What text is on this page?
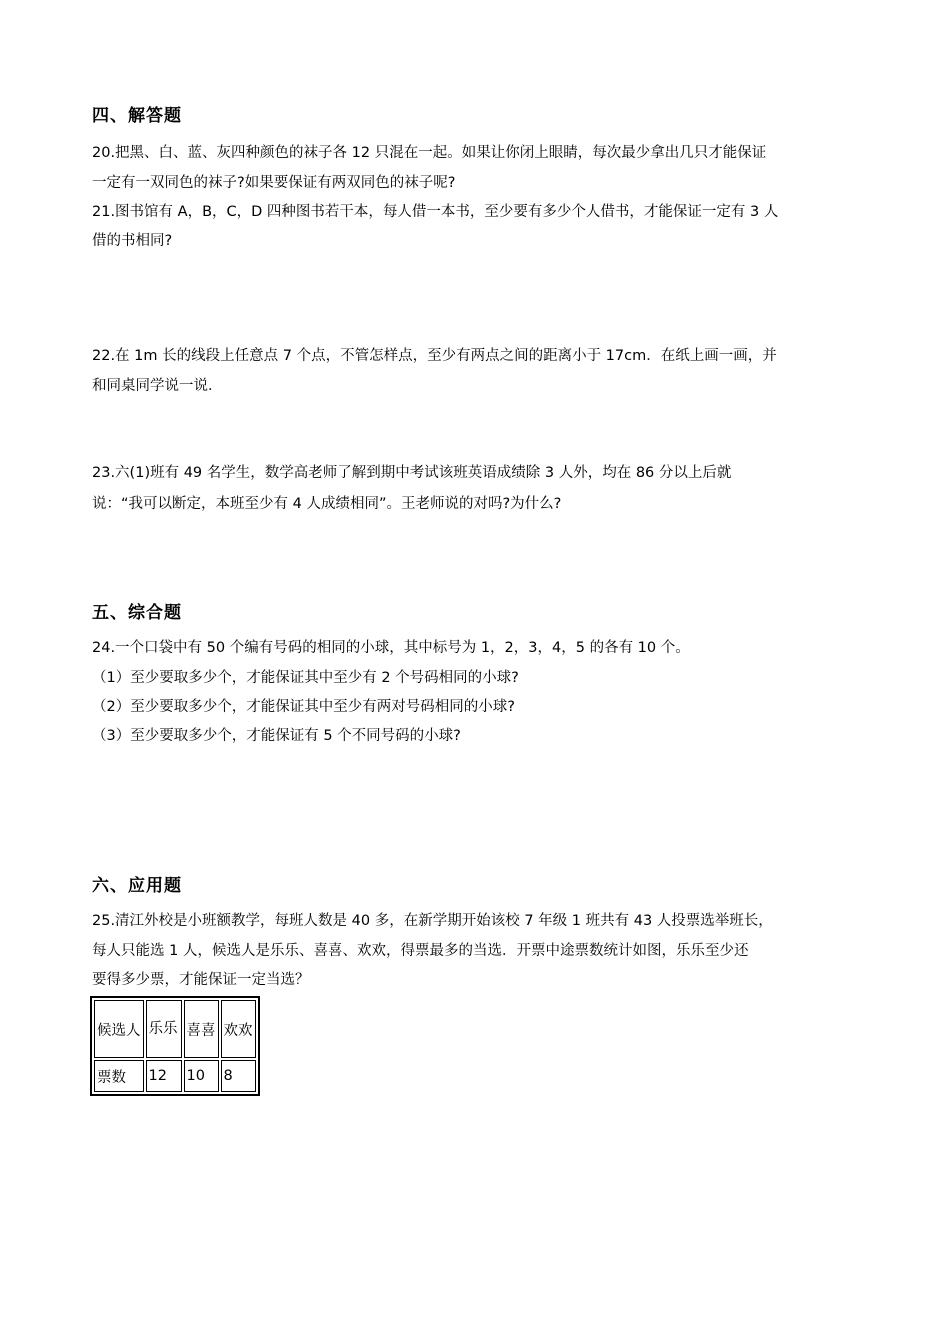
四、解答题
20.把黑、白、蓝、灰四种颜色的袜子各 12 只混在一起。如果让你闭上眼睛，每次最少拿出几只才能保证
一定有一双同色的袜子?如果要保证有两双同色的袜子呢?
21.图书馆有 A，B，C，D 四种图书若干本，每人借一本书，至少要有多少个人借书，才能保证一定有 3 人
借的书相同?
22.在 1m 长的线段上任意点 7 个点，不管怎样点，至少有两点之间的距离小于 17cm．在纸上画一画，并
和同桌同学说一说．
23.六(1)班有 49 名学生，数学高老师了解到期中考试该班英语成绩除 3 人外，均在 86 分以上后就
说：“我可以断定，本班至少有 4 人成绩相同”。王老师说的对吗?为什么?
五、综合题
24.一个口袋中有 50 个编有号码的相同的小球，其中标号为 1，2，3，4，5 的各有 10 个。
（1）至少要取多少个，才能保证其中至少有 2 个号码相同的小球?
（2）至少要取多少个，才能保证其中至少有两对号码相同的小球?
（3）至少要取多少个，才能保证有 5 个不同号码的小球?
六、应用题
25.清江外校是小班额教学，每班人数是 40 多，在新学期开始该校 7 年级 1 班共有 43 人投票选举班长，
每人只能选 1 人，候选人是乐乐、喜喜、欢欢，得票最多的当选．开票中途票数统计如图，乐乐至少还
要得多少票，才能保证一定当选？
候选人	乐乐	喜喜	欢欢
票数	12	10	8
